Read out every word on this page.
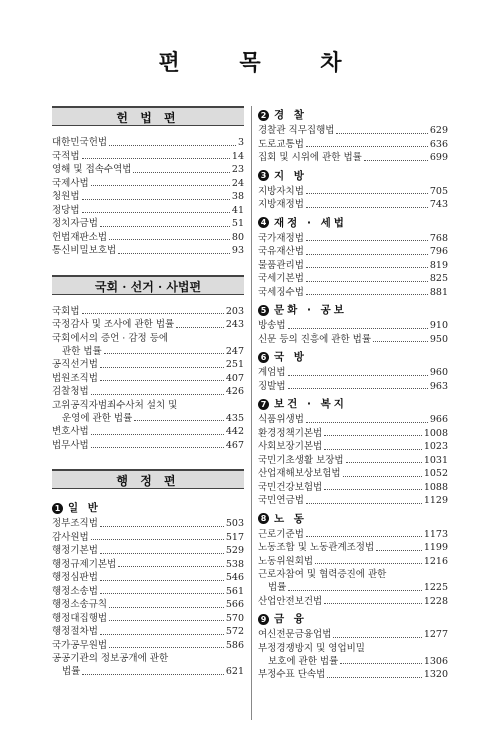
편 목 차
헌 법 편
대한민국헌법	3
국적법	14
영해 및 접속수역법	23
국제사법	24
청원법	38
정당법	41
정치자금법	51
헌법재판소법	80
통신비밀보호법	93
국회 · 선거 · 사법편
국회법	203
국정감사 및 조사에 관한 법률	243
국회에서의 증언 · 감정 등에
관한 법률	247
공직선거법	251
법원조직법	407
검찰청법	426
고위공직자범죄수사처 설치 및
운영에 관한 법률	435
변호사법	442
법무사법	467
행 정 편
1 일 반
정부조직법	503
감사원법	517
행정기본법	529
행정규제기본법	538
행정심판법	546
행정소송법	561
행정소송규칙	566
행정대집행법	570
행정절차법	572
국가공무원법	586
공공기관의 정보공개에 관한
법률	621
2 경 찰
경찰관 직무집행법	629
도로교통법	636
집회 및 시위에 관한 법률	699
3 지 방
지방자치법	705
지방재정법	743
4 재정 · 세법
국가재정법	768
국유재산법	796
물품관리법	819
국세기본법	825
국세징수법	881
5 문화 · 공보
방송법	910
신문 등의 진흥에 관한 법률	950
6 국 방
계엄법	960
징발법	963
7 보건 · 복지
식품위생법	966
환경정책기본법	1008
사회보장기본법	1023
국민기초생활 보장법	1031
산업재해보상보험법	1052
국민건강보험법	1088
국민연금법	1129
8 노 동
근로기준법	1173
노동조합 및 노동관계조정법	1199
노동위원회법	1216
근로자참여 및 협력증진에 관한
법률	1225
산업안전보건법	1228
9 금 융
여신전문금융업법	1277
부정경쟁방지 및 영업비밀
보호에 관한 법률	1306
부정수표 단속법	1320
